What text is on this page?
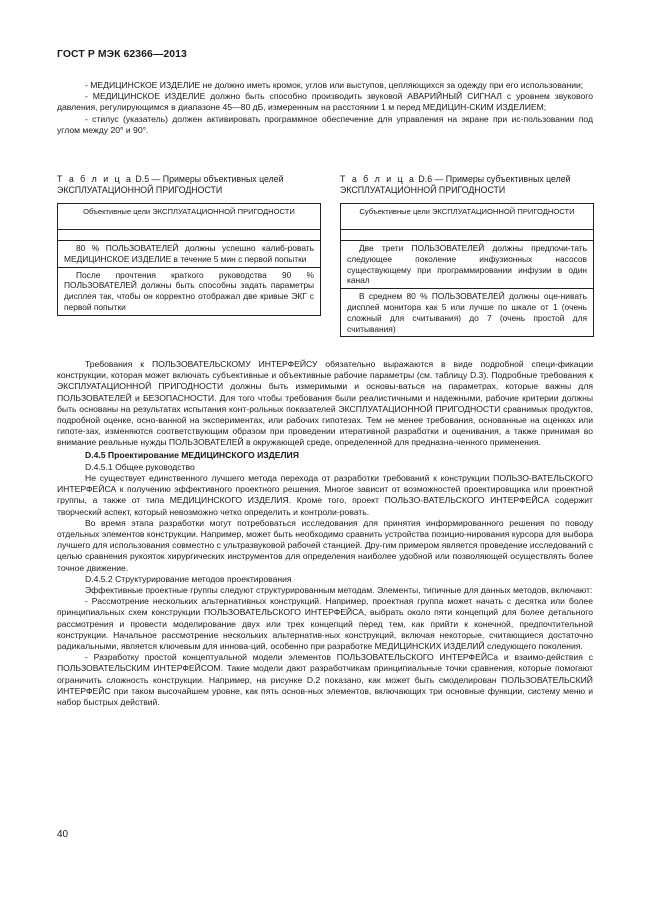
ГОСТ Р МЭК 62366—2013

- МЕДИЦИНСКОЕ ИЗДЕЛИЕ не должно иметь кромок, углов или выступов, цепляющихся за одежду при его использовании;

- МЕДИЦИНСКОЕ ИЗДЕЛИЕ должно быть способно производить звуковой АВАРИЙНЫЙ СИГНАЛ с уровнем звукового давления, регулирующимся в диапазоне 45—80 дБ, измеренным на расстоянии 1 м перед МЕДИЦИН-СКИМ ИЗДЕЛИЕМ;

- стилус (указатель) должен активировать программное обеспечение для управления на экране при ис-пользовании под углом между 20° и 90°.

Т а б л и ц а D.5 — Примеры объективных целей ЭКСПЛУАТАЦИОННОЙ ПРИГОДНОСТИ
Объективные цели ЭКСПЛУАТАЦИОННОЙ ПРИГОДНОСТИ
80 % ПОЛЬЗОВАТЕЛЕЙ должны успешно калиб-ровать МЕДИЦИНСКОЕ ИЗДЕЛИЕ в течение 5 мин с первой попытки
После прочтения краткого руководства 90 % ПОЛЬЗОВАТЕЛЕЙ должны быть способны задать параметры дисплея так, чтобы он корректно отображал две кривые ЭКГ с первой попытки
Т а б л и ц а D.6 — Примеры субъективных целей ЭКСПЛУАТАЦИОННОЙ ПРИГОДНОСТИ
Субъективные цели ЭКСПЛУАТАЦИОННОЙ ПРИГОДНОСТИ
Две трети ПОЛЬЗОВАТЕЛЕЙ должны предпочи-тать следующее поколение инфузионных насосов существующему при программировании инфузии в один канал
В среднем 80 % ПОЛЬЗОВАТЕЛЕЙ должны оце-нивать дисплей монитора как 5 или лучше по шкале от 1 (очень сложный для считывания) до 7 (очень простой для считывания)

Требования к ПОЛЬЗОВАТЕЛЬСКОМУ ИНТЕРФЕЙСУ обязательно выражаются в виде подробной специ-фикации конструкции, которая может включать субъективные и объективные рабочие параметры (см. таблицу D.3). Подробные требования к ЭКСПЛУАТАЦИОННОЙ ПРИГОДНОСТИ должны быть измеримыми и основы-ваться на параметрах, которые важны для ПОЛЬЗОВАТЕЛЕЙ и БЕЗОПАСНОСТИ. Для того чтобы требования были реалистичными и надежными, рабочие критерии должны быть основаны на результатах испытания конт-рольных показателей ЭКСПЛУАТАЦИОННОЙ ПРИГОДНОСТИ сравнимых продуктов, подробной оценке, осно-ванной на экспериментах, или рабочих гипотезах. Тем не менее требования, основанные на оценках или гипоте-зах, изменяются соответствующим образом при проведении итеративной разработки и оценивания, а также принимая во внимание реальные нужды ПОЛЬЗОВАТЕЛЕЙ в окружающей среде, определенной для предназна-ченного применения.

D.4.5 Проектирование МЕДИЦИНСКОГО ИЗДЕЛИЯ

D.4.5.1 Общее руководство

Не существует единственного лучшего метода перехода от разработки требований к конструкции ПОЛЬЗО-ВАТЕЛЬСКОГО ИНТЕРФЕЙСА к получению эффективного проектного решения. Многое зависит от возможностей проектировщика или проектной группы, а также от типа МЕДИЦИНСКОГО ИЗДЕЛИЯ. Кроме того, проект ПОЛЬЗО-ВАТЕЛЬСКОГО ИНТЕРФЕЙСА содержит творческий аспект, который невозможно четко определить и контроли-ровать.

Во время этапа разработки могут потребоваться исследования для принятия информированного решения по поводу отдельных элементов конструкции. Например, может быть необходимо сравнить устройства позицио-нирования курсора для выбора лучшего для использования совместно с ультразвуковой рабочей станцией. Дру-гим примером является проведение исследований с целью сравнения рукояток хирургических инструментов для определения наиболее удобной или позволяющей осуществлять более точное движение.

D.4.5.2 Структурирование методов проектирования

Эффективные проектные группы следуют структурированным методам. Элементы, типичные для данных методов, включают:

- Рассмотрение нескольких альтернативных конструкций. Например, проектная группа может начать с десятка или более принципиальных схем конструкции ПОЛЬЗОВАТЕЛЬСКОГО ИНТЕРФЕЙСА, выбрать около пяти концепций для более детального рассмотрения и провести моделирование двух или трех концепций перед тем, как прийти к конечной, предпочтительной конструкции. Начальное рассмотрение нескольких альтернатив-ных конструкций, включая некоторые, считающиеся достаточно радикальными, является ключевым для иннова-ций, особенно при разработке МЕДИЦИНСКИХ ИЗДЕЛИЙ следующего поколения.

- Разработку простой концептуальной модели элементов ПОЛЬЗОВАТЕЛЬСКОГО ИНТЕРФЕЙСа и взаимо-действия с ПОЛЬЗОВАТЕЛЬСКИМ ИНТЕРФЕЙСОМ. Такие модели дают разработчикам принципиальные точки сравнения, которые помогают ограничить сложность конструкции. Например, на рисунке D.2 показано, как может быть смоделирован ПОЛЬЗОВАТЕЛЬСКИЙ ИНТЕРФЕЙС при таком высочайшем уровне, как пять основ-ных элементов, включающих три основные функции, систему меню и набор быстрых действий.

40
